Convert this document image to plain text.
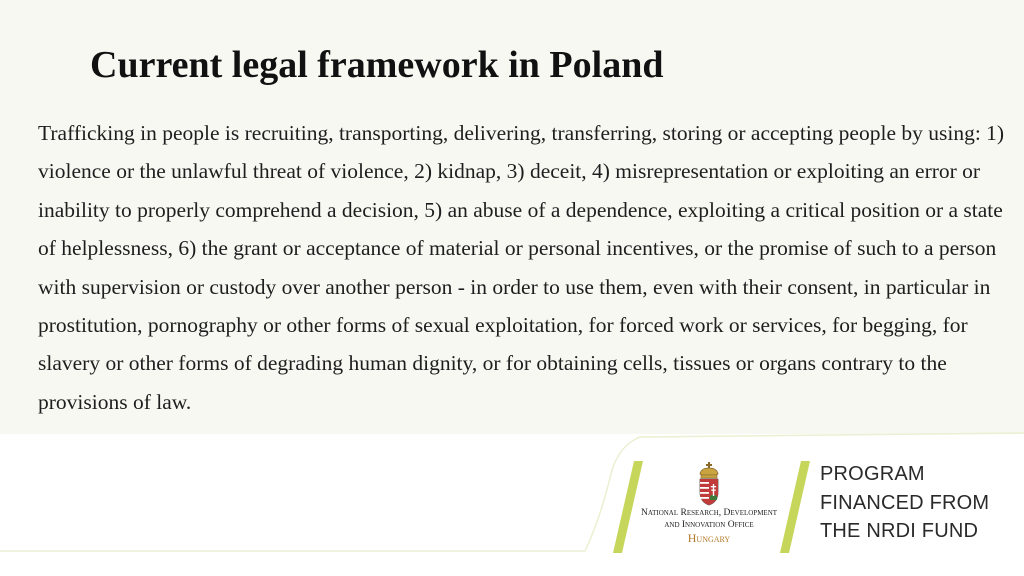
Current legal framework in Poland

Trafficking in people is recruiting, transporting, delivering, transferring, storing or accepting people by using: 1) violence or the unlawful threat of violence, 2) kidnap, 3) deceit, 4) misrepresentation or exploiting an error or inability to properly comprehend a decision, 5) an abuse of a dependence, exploiting a critical position or a state of helplessness, 6) the grant or acceptance of material or personal incentives, or the promise of such to a person with supervision or custody over another person - in order to use them, even with their consent, in particular in prostitution, pornography or other forms of sexual exploitation, for forced work or services, for begging, for slavery or other forms of degrading human dignity, or for obtaining cells, tissues or organs contrary to the provisions of law.

National Research, Development
and Innovation Office
Hungary
PROGRAM
FINANCED FROM
THE NRDI FUND
